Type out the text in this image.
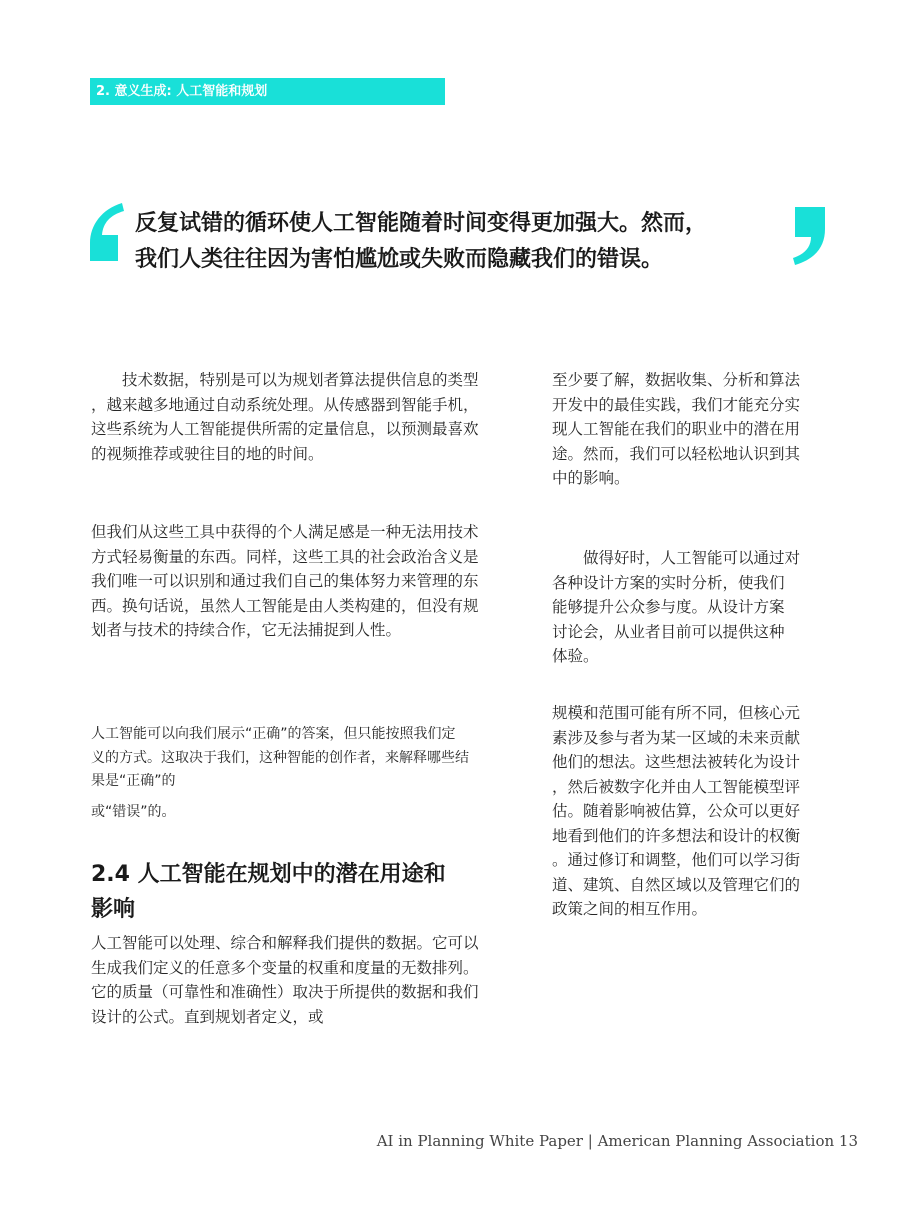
2. 意义生成: 人工智能和规划
反复试错的循环使人工智能随着时间变得更加强大。然而，
我们人类往往因为害怕尴尬或失败而隐藏我们的错误。
　　技术数据，特别是可以为规划者算法提供信息的类型
，越来越多地通过自动系统处理。从传感器到智能手机，
这些系统为人工智能提供所需的定量信息，以预测最喜欢
的视频推荐或驶往目的地的时间。
但我们从这些工具中获得的个人满足感是一种无法用技术
方式轻易衡量的东西。同样，这些工具的社会政治含义是
我们唯一可以识别和通过我们自己的集体努力来管理的东
西。换句话说，虽然人工智能是由人类构建的，但没有规
划者与技术的持续合作，它无法捕捉到人性。
人工智能可以向我们展示“正确”的答案，但只能按照我们定
义的方式。这取决于我们，这种智能的创作者，来解释哪些结
果是“正确”的
或“错误”的。
2.4 人工智能在规划中的潜在用途和
影响
人工智能可以处理、综合和解释我们提供的数据。它可以
生成我们定义的任意多个变量的权重和度量的无数排列。
它的质量（可靠性和准确性）取决于所提供的数据和我们
设计的公式。直到规划者定义，或
至少要了解，数据收集、分析和算法
开发中的最佳实践，我们才能充分实
现人工智能在我们的职业中的潜在用
途。然而，我们可以轻松地认识到其
中的影响。
　　做得好时，人工智能可以通过对
各种设计方案的实时分析，使我们
能够提升公众参与度。从设计方案
讨论会，从业者目前可以提供这种
体验。
规模和范围可能有所不同，但核心元
素涉及参与者为某一区域的未来贡献
他们的想法。这些想法被转化为设计
，然后被数字化并由人工智能模型评
估。随着影响被估算，公众可以更好
地看到他们的许多想法和设计的权衡
。通过修订和调整，他们可以学习街
道、建筑、自然区域以及管理它们的
政策之间的相互作用。
AI in Planning White Paper | American Planning Association 13
